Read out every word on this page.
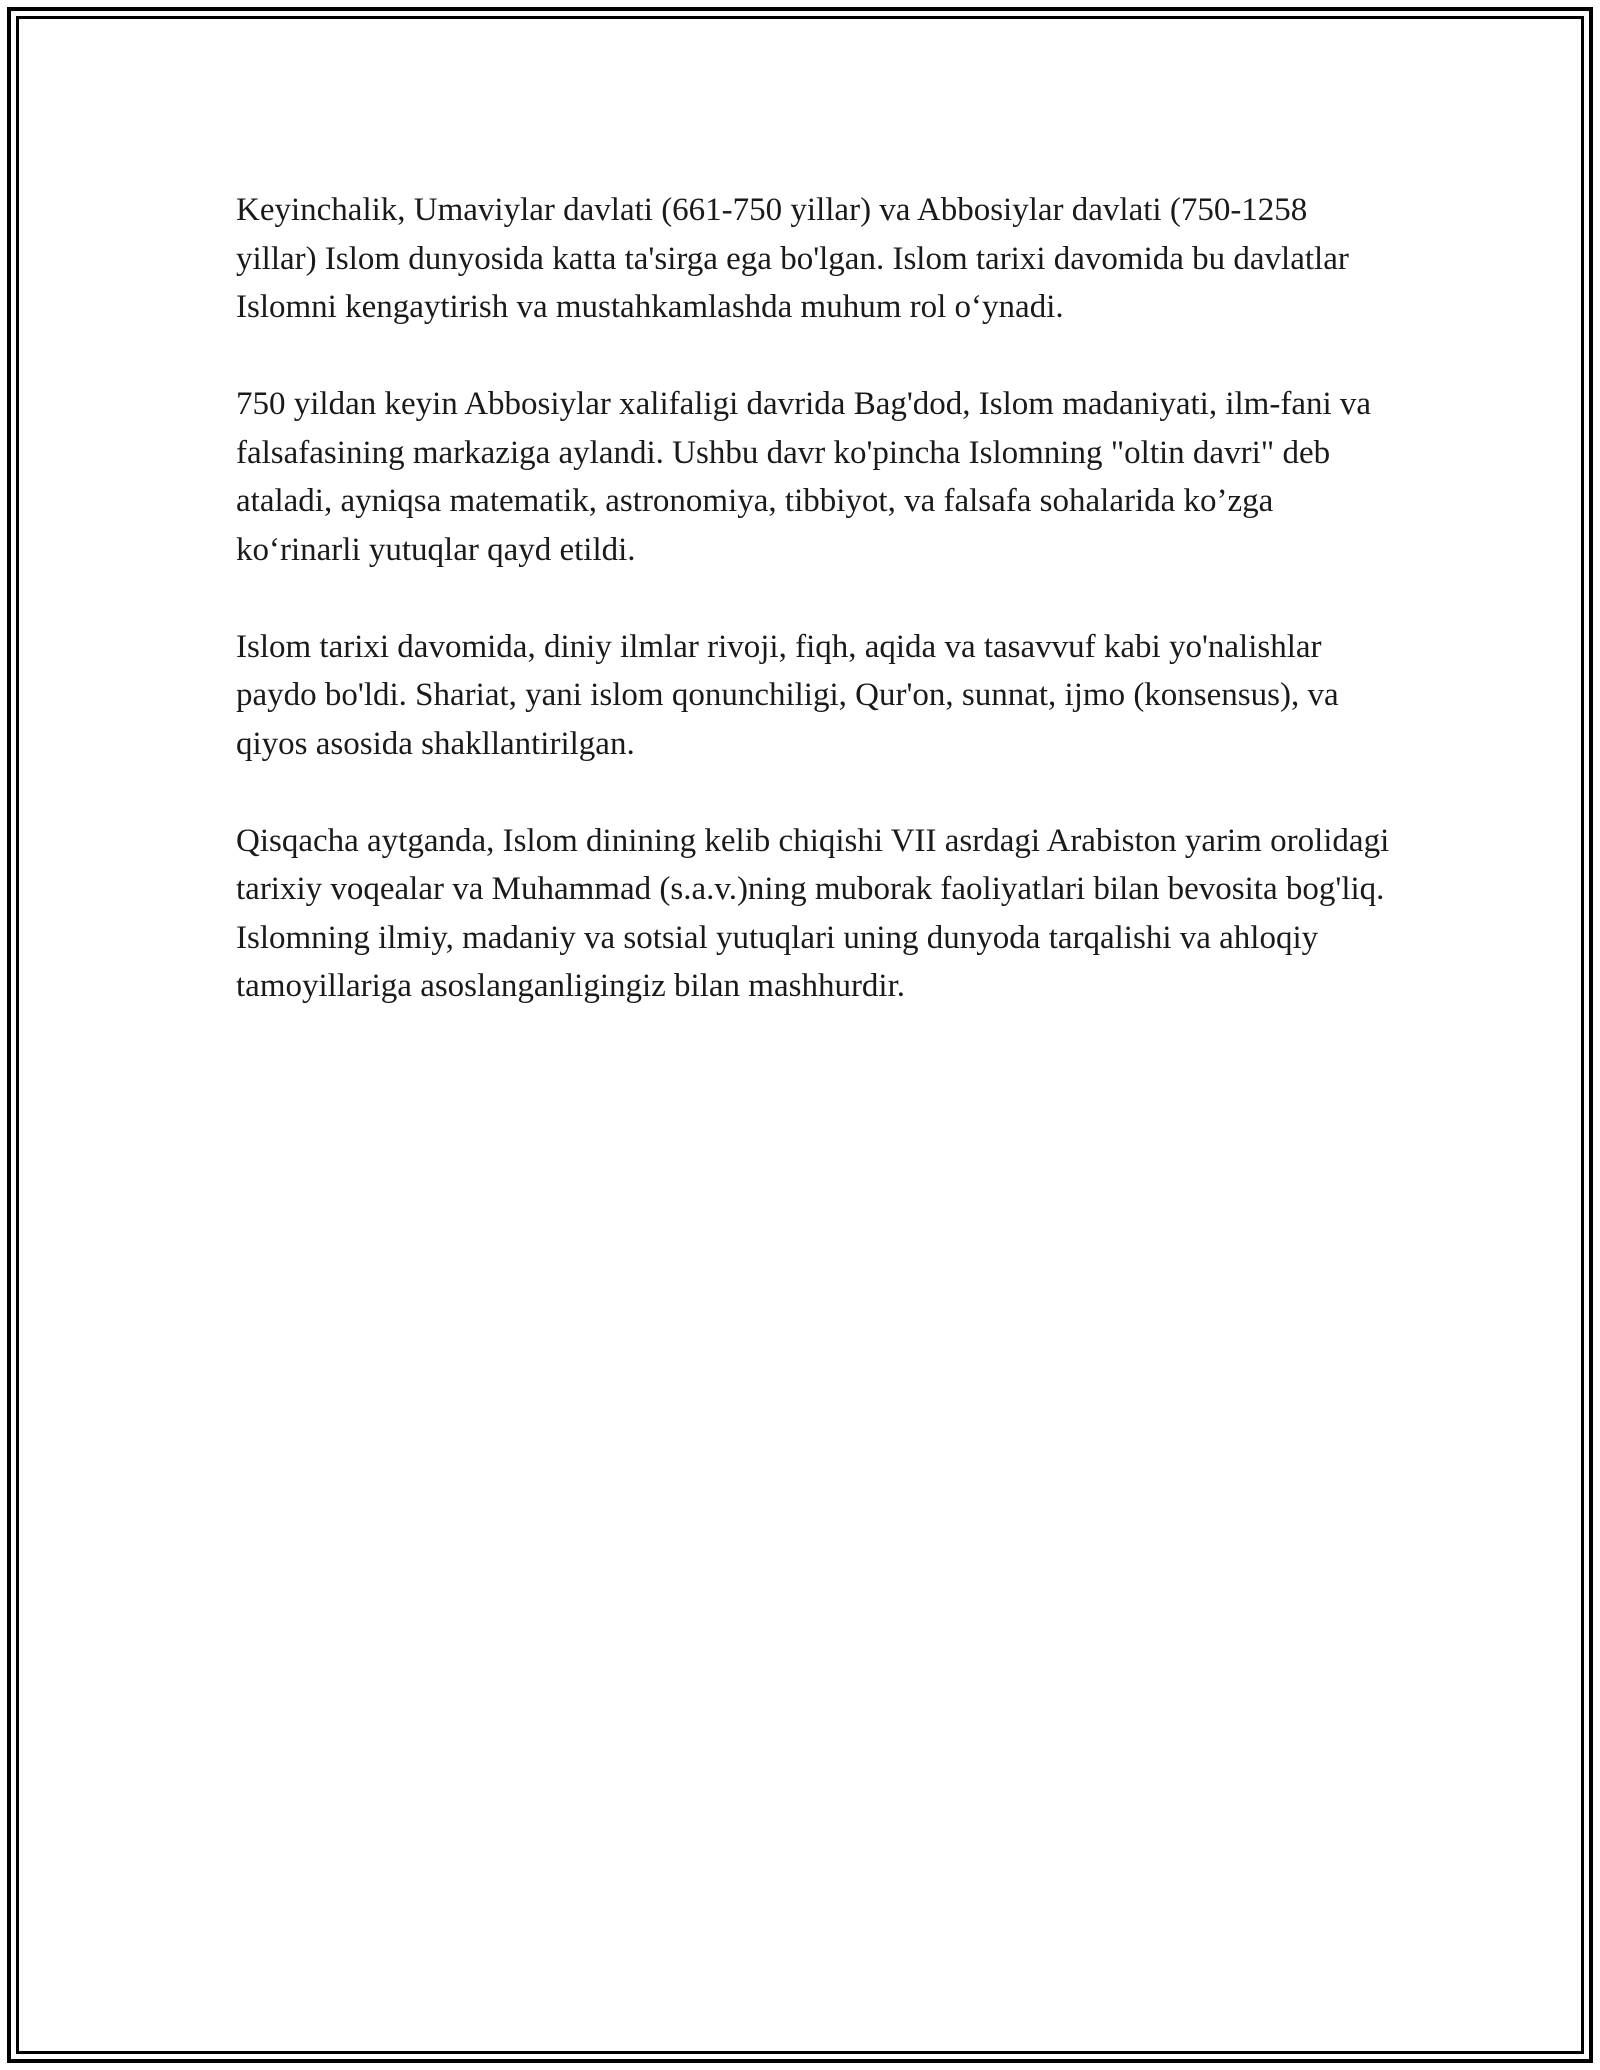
Keyinchalik, Umaviylar davlati (661-750 yillar) va Abbosiylar davlati (750-1258 yillar) Islom dunyosida katta ta'sirga ega bo'lgan. Islom tarixi davomida bu davlatlar Islomni kengaytirish va mustahkamlashda muhum rol o‘ynadi.

750 yildan keyin Abbosiylar xalifaligi davrida Bag'dod, Islom madaniyati, ilm-fani va falsafasining markaziga aylandi. Ushbu davr ko'pincha Islomning "oltin davri" deb ataladi, ayniqsa matematik, astronomiya, tibbiyot, va falsafa sohalarida ko’zga ko‘rinarli yutuqlar qayd etildi.

Islom tarixi davomida, diniy ilmlar rivoji, fiqh, aqida va tasavvuf kabi yo'nalishlar paydo bo'ldi. Shariat, yani islom qonunchiligi, Qur'on, sunnat, ijmo (konsensus), va qiyos asosida shakllantirilgan.

Qisqacha aytganda, Islom dinining kelib chiqishi VII asrdagi Arabiston yarim orolidagi tarixiy voqealar va Muhammad (s.a.v.)ning muborak faoliyatlari bilan bevosita bog'liq. Islomning ilmiy, madaniy va sotsial yutuqlari uning dunyoda tarqalishi va ahloqiy tamoyillariga asoslanganligingiz bilan mashhurdir.
